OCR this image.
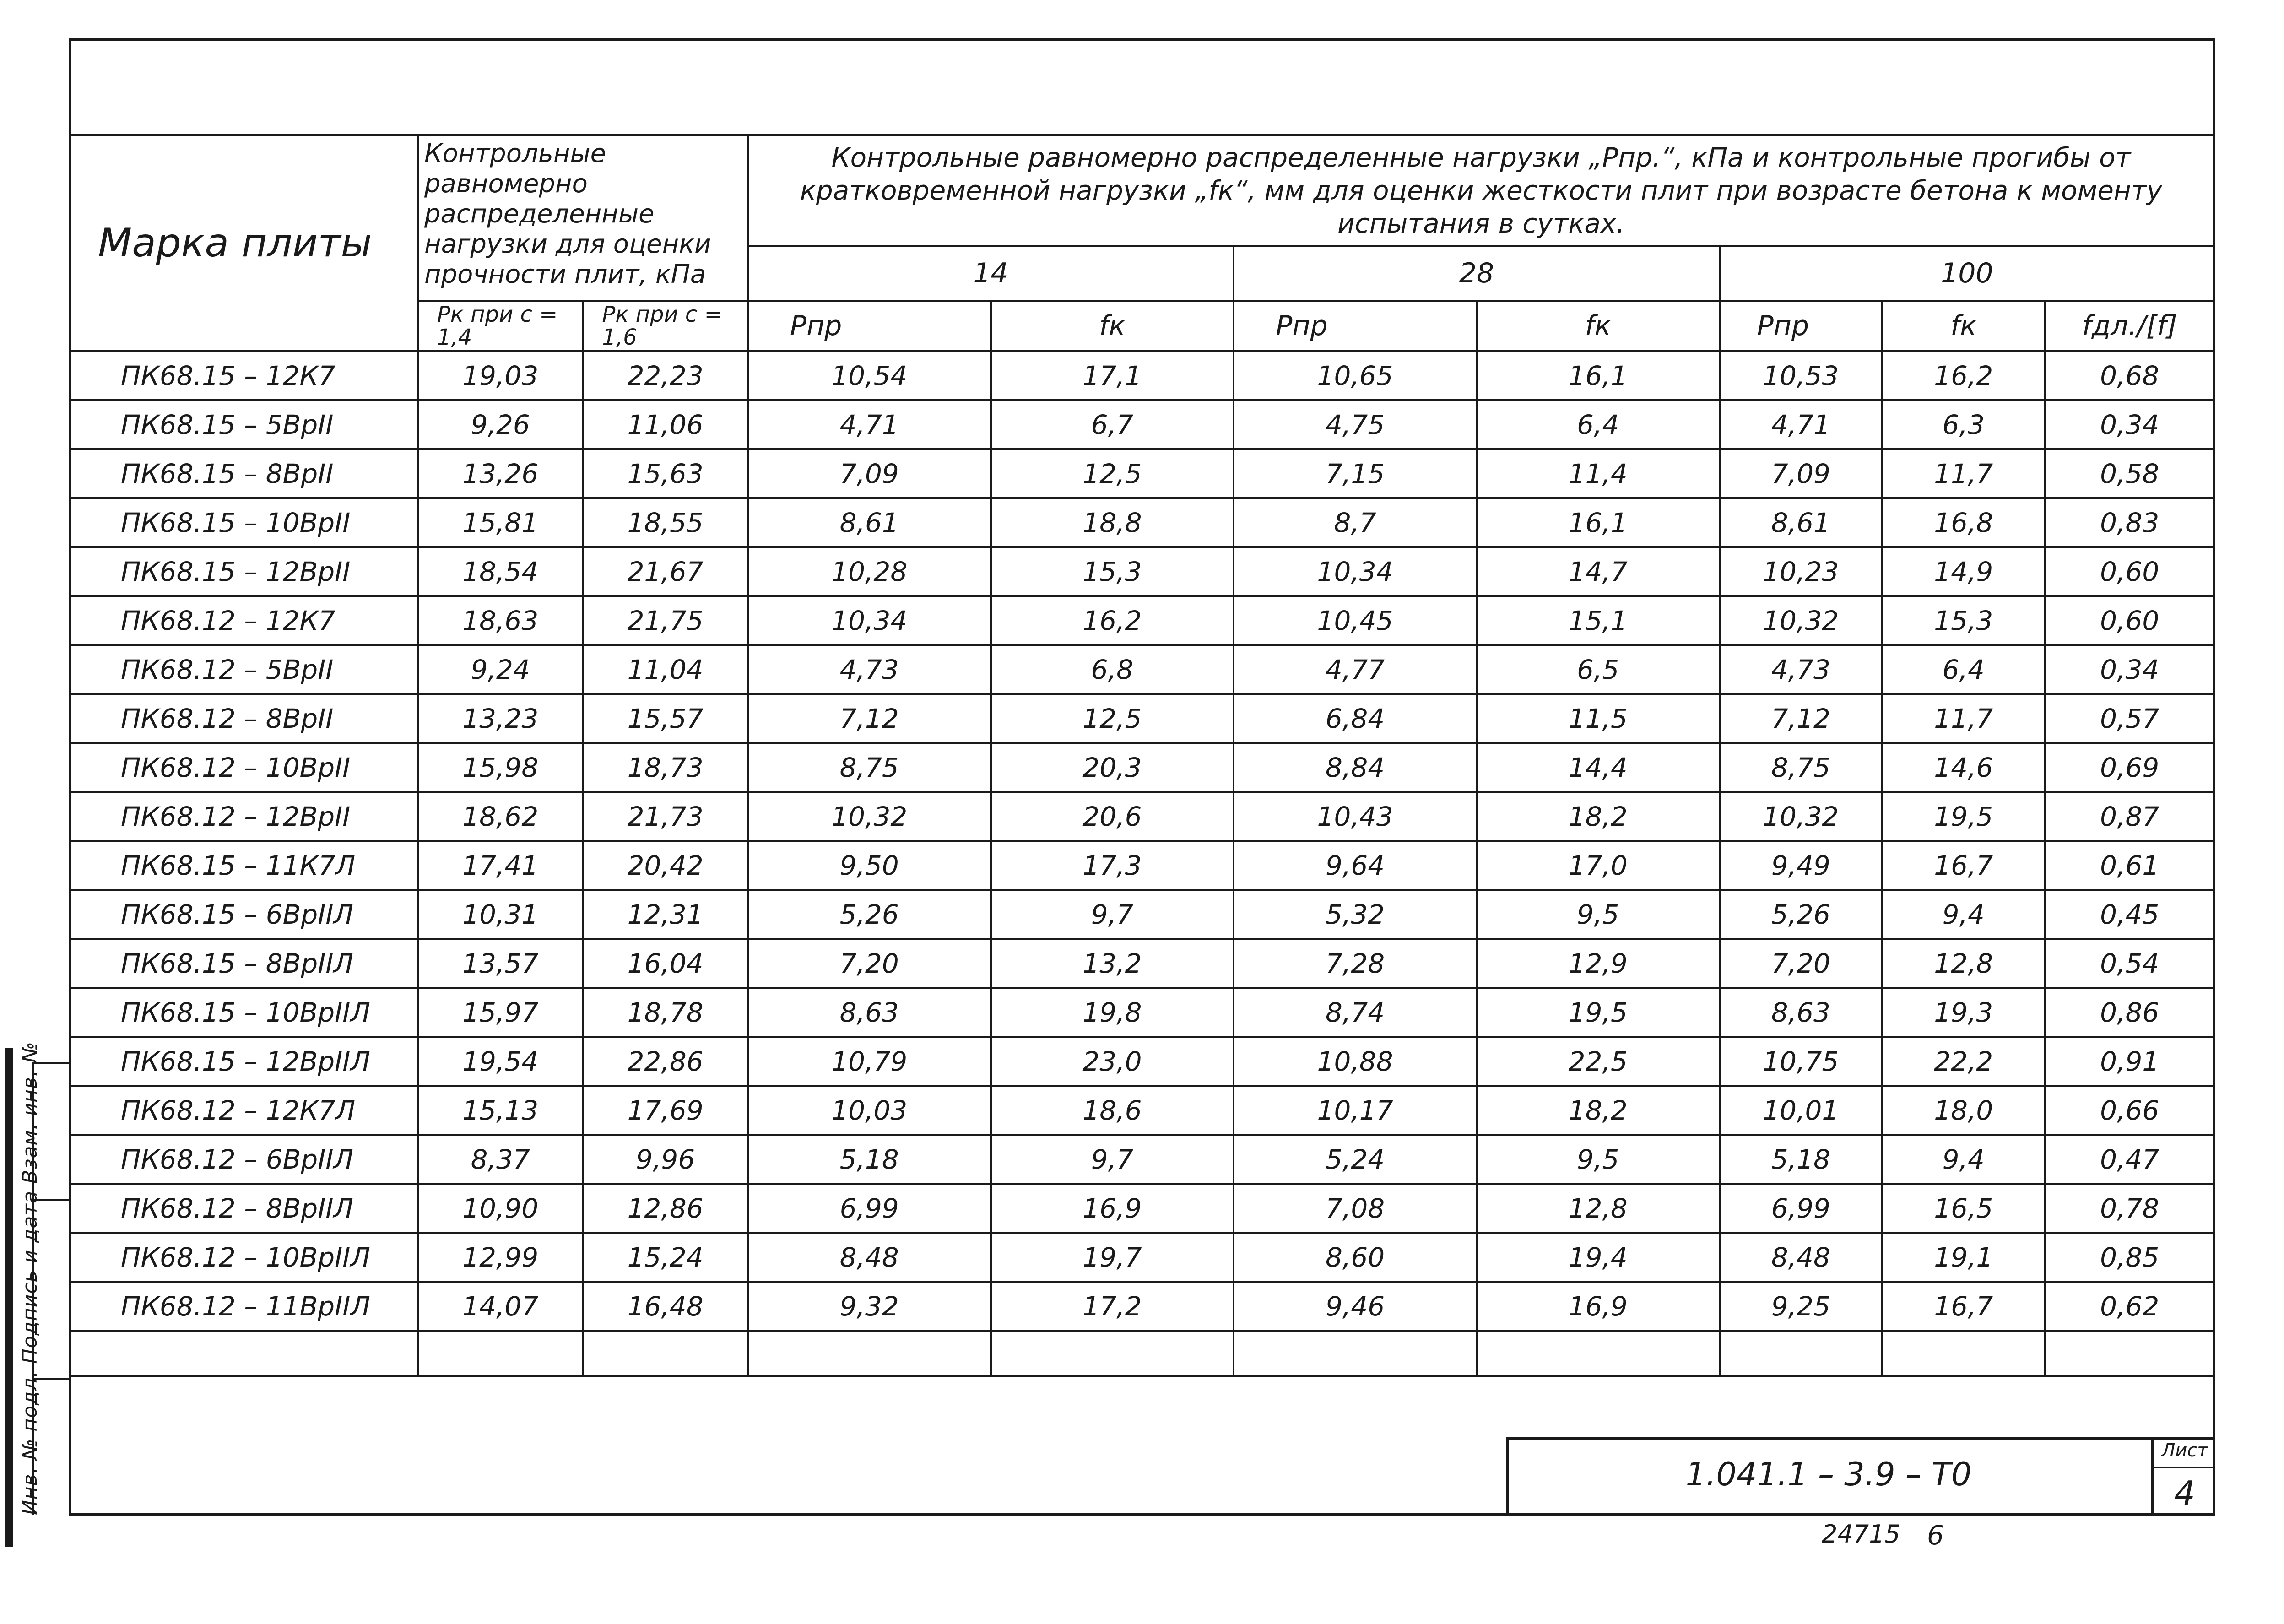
Марка плиты	Контрольные равномерно распределенные нагрузки для оценки прочности плит, кПа		Контрольные равномерно распределенные нагрузки „Pпр.“, кПа и контрольные прогибы от кратковременной нагрузки „fк“, мм для оценки жесткости плит при возрасте бетона к моменту испытания в сутках.						
			14		28		100		
	Pк при c = 1,4	Pк при c = 1,6	Pпр	fк	Pпр	fк	Pпр	fк	fдл./[f]
ПК68.15 – 12К7	19,03	22,23	10,54	17,1	10,65	16,1	10,53	16,2	0,68
ПК68.15 – 5ВрII	9,26	11,06	4,71	6,7	4,75	6,4	4,71	6,3	0,34
ПК68.15 – 8ВрII	13,26	15,63	7,09	12,5	7,15	11,4	7,09	11,7	0,58
ПК68.15 – 10ВрII	15,81	18,55	8,61	18,8	8,7	16,1	8,61	16,8	0,83
ПК68.15 – 12ВрII	18,54	21,67	10,28	15,3	10,34	14,7	10,23	14,9	0,60
ПК68.12 – 12К7	18,63	21,75	10,34	16,2	10,45	15,1	10,32	15,3	0,60
ПК68.12 – 5ВрII	9,24	11,04	4,73	6,8	4,77	6,5	4,73	6,4	0,34
ПК68.12 – 8ВрII	13,23	15,57	7,12	12,5	6,84	11,5	7,12	11,7	0,57
ПК68.12 – 10ВрII	15,98	18,73	8,75	20,3	8,84	14,4	8,75	14,6	0,69
ПК68.12 – 12ВрII	18,62	21,73	10,32	20,6	10,43	18,2	10,32	19,5	0,87
ПК68.15 – 11К7Л	17,41	20,42	9,50	17,3	9,64	17,0	9,49	16,7	0,61
ПК68.15 – 6ВрIIЛ	10,31	12,31	5,26	9,7	5,32	9,5	5,26	9,4	0,45
ПК68.15 – 8ВрIIЛ	13,57	16,04	7,20	13,2	7,28	12,9	7,20	12,8	0,54
ПК68.15 – 10ВрIIЛ	15,97	18,78	8,63	19,8	8,74	19,5	8,63	19,3	0,86
ПК68.15 – 12ВрIIЛ	19,54	22,86	10,79	23,0	10,88	22,5	10,75	22,2	0,91
ПК68.12 – 12К7Л	15,13	17,69	10,03	18,6	10,17	18,2	10,01	18,0	0,66
ПК68.12 – 6ВрIIЛ	8,37	9,96	5,18	9,7	5,24	9,5	5,18	9,4	0,47
ПК68.12 – 8ВрIIЛ	10,90	12,86	6,99	16,9	7,08	12,8	6,99	16,5	0,78
ПК68.12 – 10ВрIIЛ	12,99	15,24	8,48	19,7	8,60	19,4	8,48	19,1	0,85
ПК68.12 – 11ВрIIЛ	14,07	16,48	9,32	17,2	9,46	16,9	9,25	16,7	0,62

Инв. № подл. Подпись и дата Взам. инв. №	1.041.1 – 3.9 – Т0
Лист
4
24715 6
